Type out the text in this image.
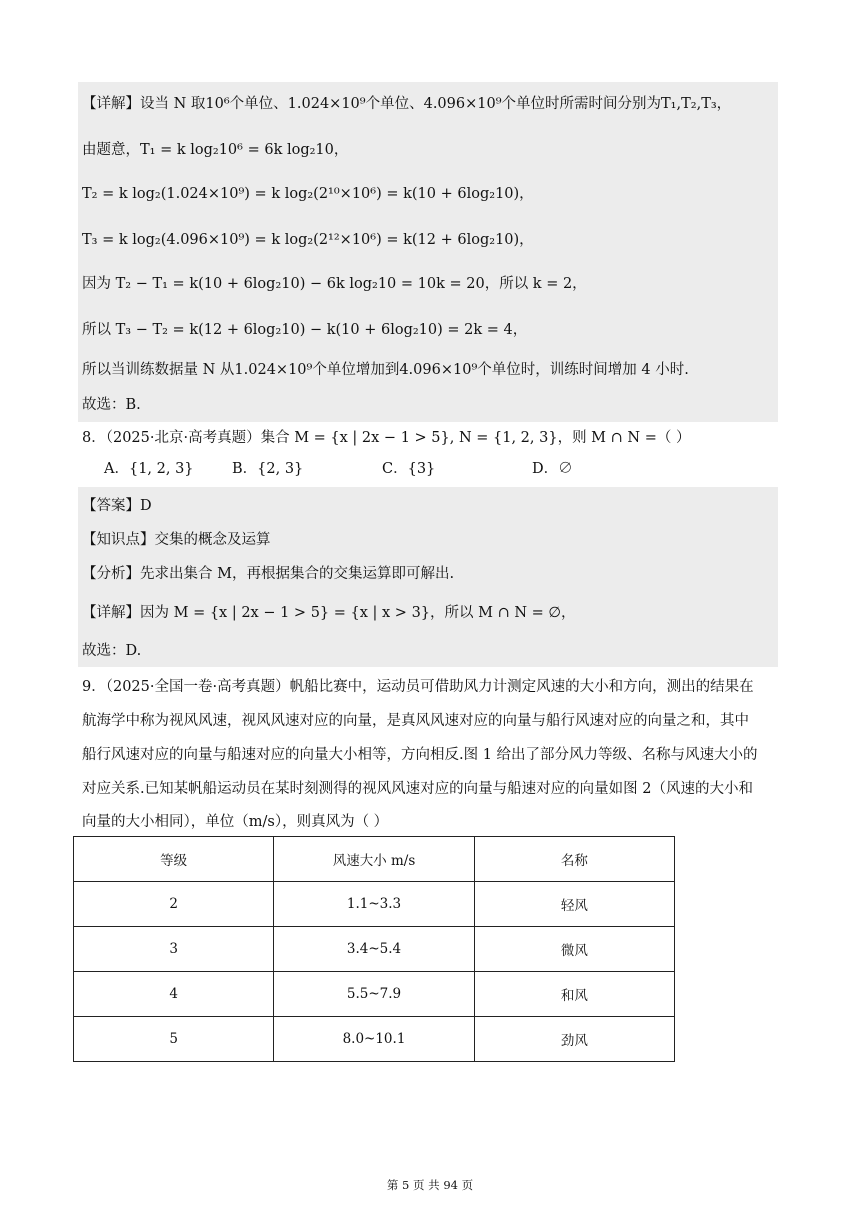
【详解】设当 N 取10⁶个单位、1.024×10⁹个单位、4.096×10⁹个单位时所需时间分别为T₁,T₂,T₃，
由题意，T₁ = k log₂10⁶ = 6k log₂10，
T₂ = k log₂(1.024×10⁹) = k log₂(2¹⁰×10⁶) = k(10 + 6log₂10)，
T₃ = k log₂(4.096×10⁹) = k log₂(2¹²×10⁶) = k(12 + 6log₂10)，
因为 T₂ − T₁ = k(10 + 6log₂10) − 6k log₂10 = 10k = 20，所以 k = 2，
所以 T₃ − T₂ = k(12 + 6log₂10) − k(10 + 6log₂10) = 2k = 4，
所以当训练数据量 N 从1.024×10⁹个单位增加到4.096×10⁹个单位时，训练时间增加 4 小时.
故选：B.
8．（2025·北京·高考真题）集合 M = {x | 2x − 1 > 5}, N = {1, 2, 3}，则 M ∩ N =（ ）
A．{1, 2, 3}	B．{2, 3}	C．{3}	D．∅
【答案】D
【知识点】交集的概念及运算
【分析】先求出集合 M，再根据集合的交集运算即可解出.
【详解】因为 M = {x | 2x − 1 > 5} = {x | x > 3}，所以 M ∩ N = ∅，
故选：D.
9．（2025·全国一卷·高考真题）帆船比赛中，运动员可借助风力计测定风速的大小和方向，测出的结果在
航海学中称为视风风速，视风风速对应的向量，是真风风速对应的向量与船行风速对应的向量之和，其中
船行风速对应的向量与船速对应的向量大小相等，方向相反.图 1 给出了部分风力等级、名称与风速大小的
对应关系.已知某帆船运动员在某时刻测得的视风风速对应的向量与船速对应的向量如图 2（风速的大小和
向量的大小相同），单位（m/s），则真风为（ ）
等级	风速大小 m/s	名称
2	1.1~3.3	轻风
3	3.4~5.4	微风
4	5.5~7.9	和风
5	8.0~10.1	劲风
第 5 页 共 94 页
